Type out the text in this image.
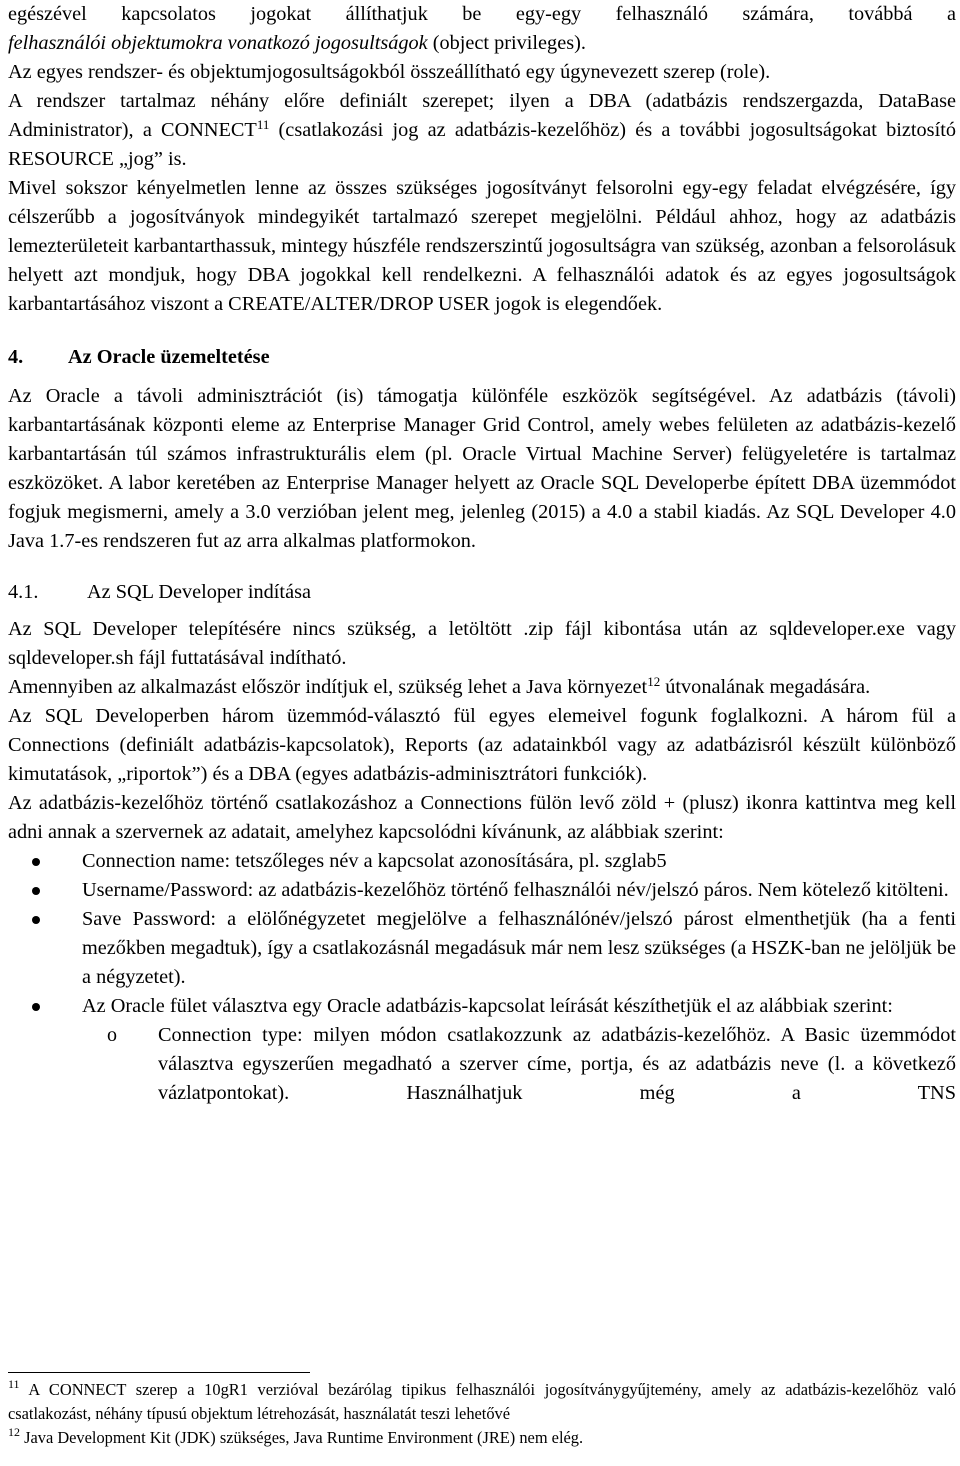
egészével kapcsolatos jogokat állíthatjuk be egy-egy felhasználó számára, továbbá a

felhasználói objektumokra vonatkozó jogosultságok (object privileges).

Az egyes rendszer- és objektumjogosultságokból összeállítható egy úgynevezett szerep (role).

A rendszer tartalmaz néhány előre definiált szerepet; ilyen a DBA (adatbázis rendszergazda, DataBase Administrator), a CONNECT$^{11}$ (csatlakozási jog az adatbázis-kezelőhöz) és a további jogosultságokat biztosító RESOURCE „jog” is.

Mivel sokszor kényelmetlen lenne az összes szükséges jogosítványt felsorolni egy-egy feladat elvégzésére, így célszerűbb a jogosítványok mindegyikét tartalmazó szerepet megjelölni. Például ahhoz, hogy az adatbázis lemezterületeit karbantarthassuk, mintegy húszféle rendszerszintű jogosultságra van szükség, azonban a felsorolásuk helyett azt mondjuk, hogy DBA jogokkal kell rendelkezni. A felhasználói adatok és az egyes jogosultságok karbantartásához viszont a CREATE/ALTER/DROP USER jogok is elegendőek.

4. Az Oracle üzemeltetése

Az Oracle a távoli adminisztrációt (is) támogatja különféle eszközök segítségével. Az adatbázis (távoli) karbantartásának központi eleme az Enterprise Manager Grid Control, amely webes felületen az adatbázis-kezelő karbantartásán túl számos infrastrukturális elem (pl. Oracle Virtual Machine Server) felügyeletére is tartalmaz eszközöket. A labor keretében az Enterprise Manager helyett az Oracle SQL Developerbe épített DBA üzemmódot fogjuk megismerni, amely a 3.0 verzióban jelent meg, jelenleg (2015) a 4.0 a stabil kiadás. Az SQL Developer 4.0 Java 1.7-es rendszeren fut az arra alkalmas platformokon.

4.1. Az SQL Developer indítása

Az SQL Developer telepítésére nincs szükség, a letöltött .zip fájl kibontása után az sqldeveloper.exe vagy sqldeveloper.sh fájl futtatásával indítható.

Amennyiben az alkalmazást először indítjuk el, szükség lehet a Java környezet$^{12}$ útvonalának megadására.

Az SQL Developerben három üzemmód-választó fül egyes elemeivel fogunk foglalkozni. A három fül a Connections (definiált adatbázis-kapcsolatok), Reports (az adatainkból vagy az adatbázisról készült különböző kimutatások, „riportok”) és a DBA (egyes adatbázis-adminisztrátori funkciók).

Az adatbázis-kezelőhöz történő csatlakozáshoz a Connections fülön levő zöld + (plusz) ikonra kattintva meg kell adni annak a szervernek az adatait, amelyhez kapcsolódni kívánunk, az alábbiak szerint:

Connection name: tetszőleges név a kapcsolat azonosítására, pl. szglab5

Username/Password: az adatbázis-kezelőhöz történő felhasználói név/jelszó páros. Nem kötelező kitölteni.

Save Password: a elölőnégyzetet megjelölve a felhasználónév/jelszó párost elmenthetjük (ha a fenti mezőkben megadtuk), így a csatlakozásnál megadásuk már nem lesz szükséges (a HSZK-ban ne jelöljük be a négyzetet).

Az Oracle fület választva egy Oracle adatbázis-kapcsolat leírását készíthetjük el az alábbiak szerint:

o Connection type: milyen módon csatlakozzunk az adatbázis-kezelőhöz. A Basic üzemmódot választva egyszerűen megadható a szerver címe, portja, és az adatbázis neve (l. a következő vázlatpontokat). Használhatjuk még a TNS

$^{11}$ A CONNECT szerep a 10gR1 verzióval bezárólag tipikus felhasználói jogosítványgyűjtemény, amely az adatbázis-kezelőhöz való csatlakozást, néhány típusú objektum létrehozását, használatát teszi lehetővé

$^{12}$ Java Development Kit (JDK) szükséges, Java Runtime Environment (JRE) nem elég.
